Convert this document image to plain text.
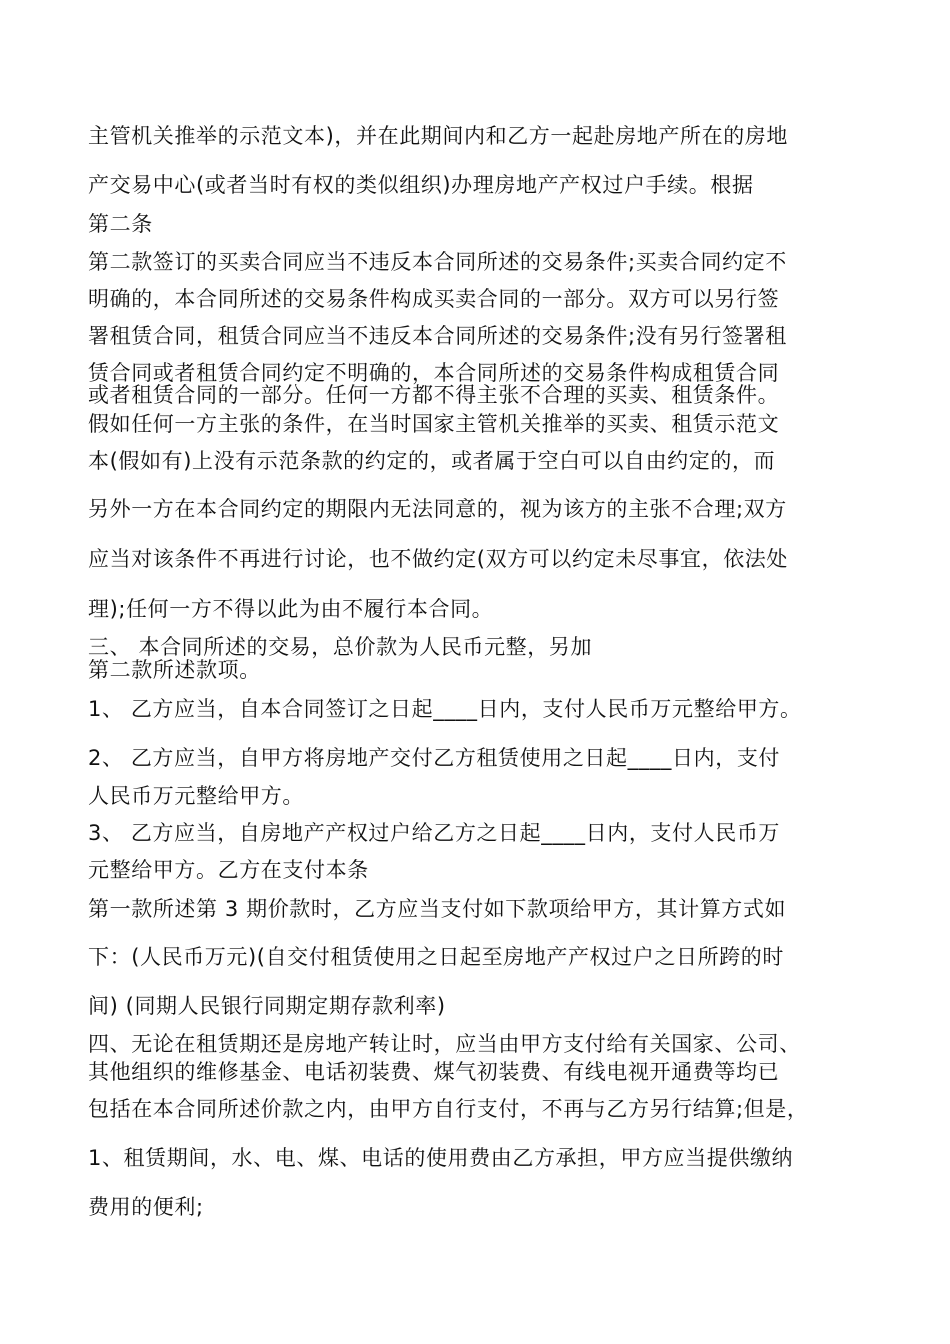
主管机关推举的示范文本)，并在此期间内和乙方一起赴房地产所在的房地
产交易中心(或者当时有权的类似组织)办理房地产产权过户手续。根据
第二条
第二款签订的买卖合同应当不违反本合同所述的交易条件;买卖合同约定不
明确的，本合同所述的交易条件构成买卖合同的一部分。双方可以另行签
署租赁合同，租赁合同应当不违反本合同所述的交易条件;没有另行签署租
赁合同或者租赁合同约定不明确的，本合同所述的交易条件构成租赁合同
或者租赁合同的一部分。任何一方都不得主张不合理的买卖、租赁条件。
假如任何一方主张的条件，在当时国家主管机关推举的买卖、租赁示范文
本(假如有)上没有示范条款的约定的，或者属于空白可以自由约定的，而
另外一方在本合同约定的期限内无法同意的，视为该方的主张不合理;双方
应当对该条件不再进行讨论，也不做约定(双方可以约定未尽事宜，依法处
理);任何一方不得以此为由不履行本合同。
三、 本合同所述的交易，总价款为人民币元整，另加
第二款所述款项。
1、 乙方应当，自本合同签订之日起____日内，支付人民币万元整给甲方。
2、 乙方应当，自甲方将房地产交付乙方租赁使用之日起____日内，支付
人民币万元整给甲方。
3、 乙方应当，自房地产产权过户给乙方之日起____日内，支付人民币万
元整给甲方。乙方在支付本条
第一款所述第 3 期价款时，乙方应当支付如下款项给甲方，其计算方式如
下：(人民币万元)(自交付租赁使用之日起至房地产产权过户之日所跨的时
间) (同期人民银行同期定期存款利率)
四、无论在租赁期还是房地产转让时，应当由甲方支付给有关国家、公司、
其他组织的维修基金、电话初装费、煤气初装费、有线电视开通费等均已
包括在本合同所述价款之内，由甲方自行支付，不再与乙方另行结算;但是，
1、租赁期间，水、电、煤、电话的使用费由乙方承担，甲方应当提供缴纳
费用的便利;
